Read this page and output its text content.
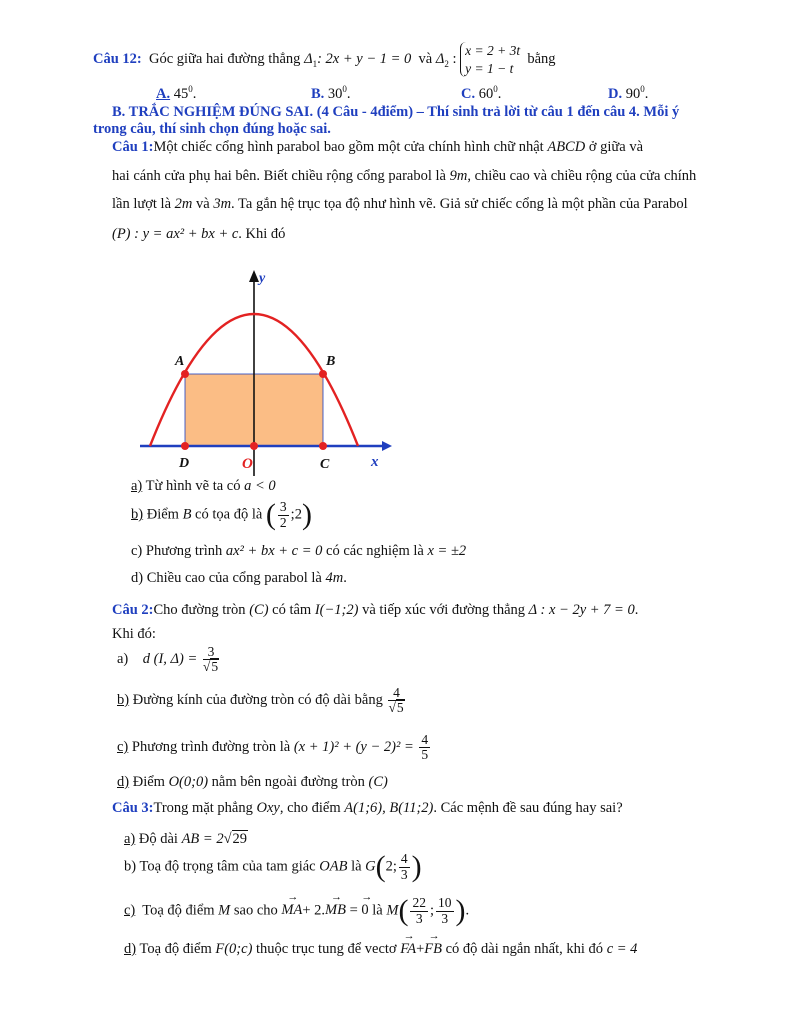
Câu 12: Góc giữa hai đường thẳng $\Delta_1$: 2x + y − 1 = 0 và $\Delta_2$ : x = 2 + 3t
y = 1 − t  bằng
A. $45^0$.	B. $30^0$.	C. $60^0$.	D. $90^0$.
B. TRẮC NGHIỆM ĐÚNG SAI. (4 Câu - 4điểm) – Thí sinh trả lời từ câu 1 đến câu 4. Mỗi ý
trong câu, thí sinh chọn đúng hoặc sai.
Câu 1:Một chiếc cổng hình parabol bao gồm một cửa chính hình chữ nhật ABCD ở giữa và
hai cánh cửa phụ hai bên. Biết chiều rộng cổng parabol là 9m, chiều cao và chiều rộng của cửa chính
lần lượt là 2m và 3m. Ta gắn hệ trục tọa độ như hình vẽ. Giả sử chiếc cổng là một phần của Parabol
(P) : y = ax² + bx + c. Khi đó
y
x
A	B
D	O	C
a) Từ hình vẽ ta có a < 0
b) Điểm B có tọa độ là ( $\frac{3}{2}$ ;2)
c) Phương trình ax² + bx + c = 0 có các nghiệm là x = ±2
d) Chiều cao của cổng parabol là 4m.
Câu 2:Cho đường tròn (C) có tâm I(−1;2) và tiếp xúc với đường thẳng Δ : x − 2y + 7 = 0.
Khi đó:
a) d (I, $\Delta) = \frac{3}{√5}$
b) Đường kính của đường tròn có độ dài bằng $\frac{4}{√5}$
c) Phương trình đường tròn là $(x + 1)^2 + (y - 2)^2 = \frac{4}{5}$
d) Điểm O(0;0) nằm bên ngoài đường tròn (C)
Câu 3:Trong mặt phẳng Oxy, cho điểm A(1;6), B(11;2). Các mệnh đề sau đúng hay sai?
a) Độ dài AB = 2√29
b) Toạ độ trọng tâm của tam giác OAB là G(2; $\frac{4}{3}$ )
c) Toạ độ điểm M sao cho → MA+ 2.→ MB = → 0 là $M( \frac{22}{3}$ ; $\frac{10}{3}$ ).
d) Toạ độ điểm F(0;c) thuộc trục tung để vectơ → FA+→ FB có độ dài ngắn nhất, khi đó c = 4
